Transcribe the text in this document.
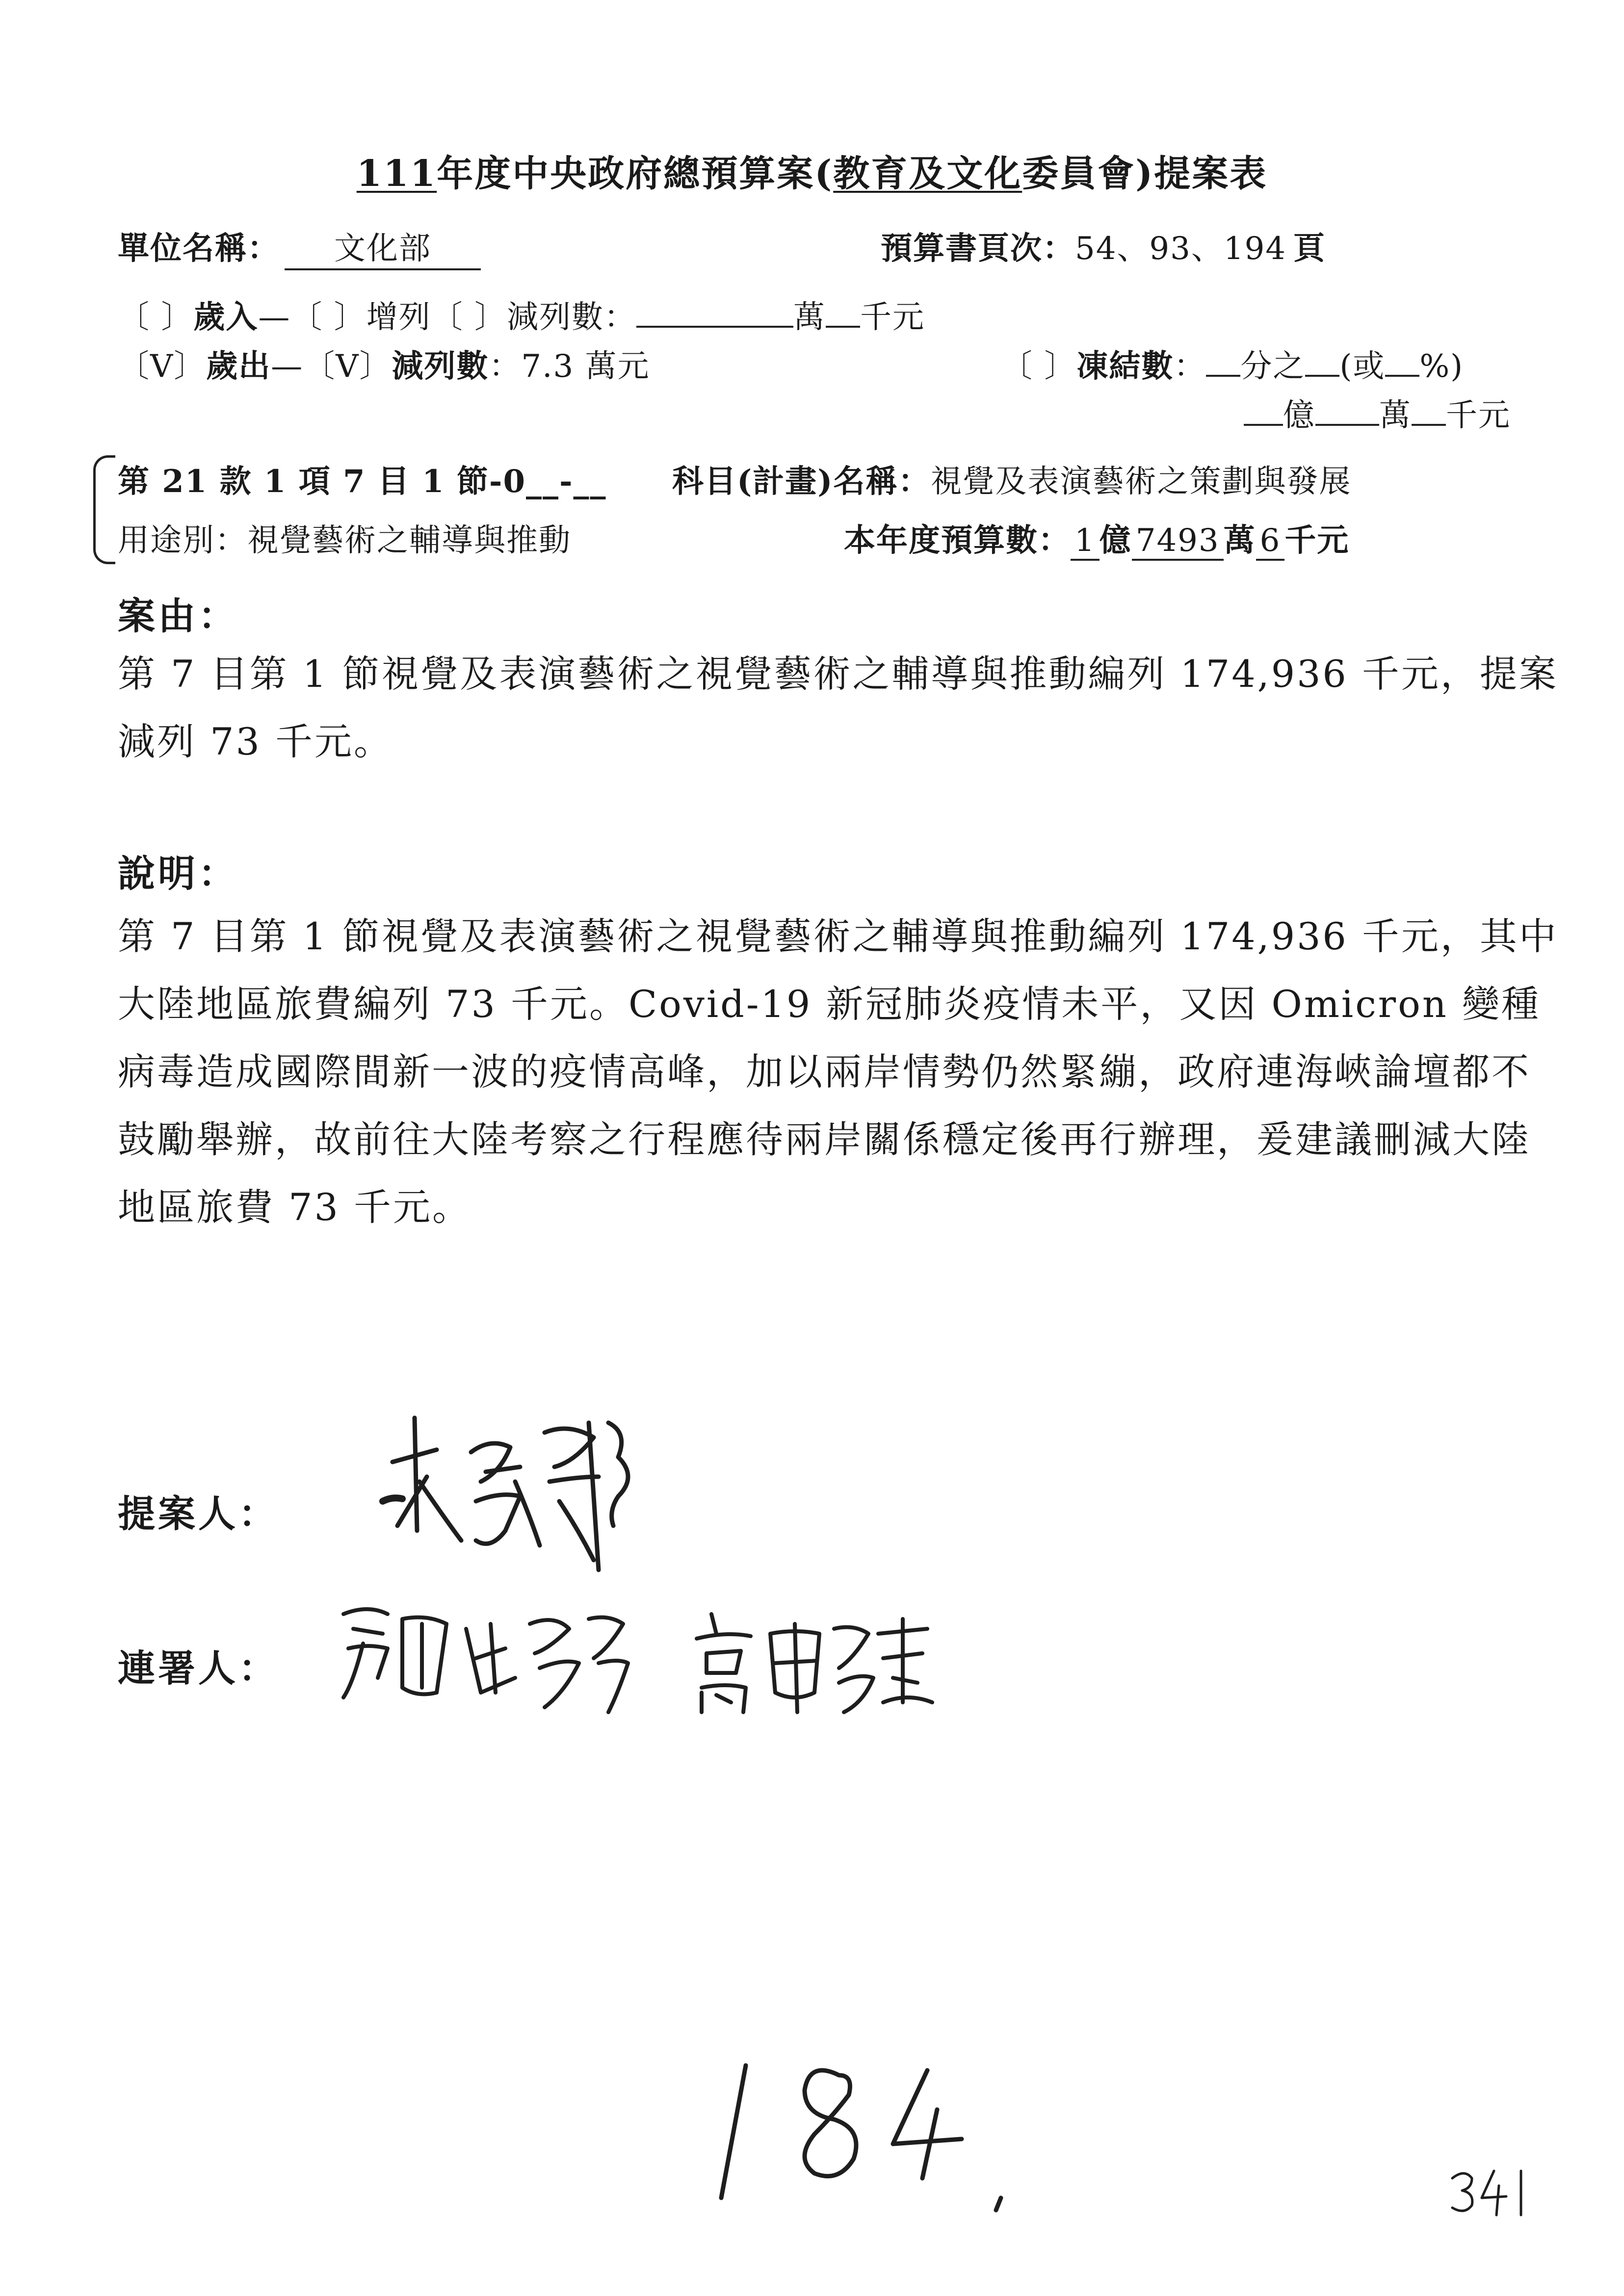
111年度中央政府總預算案(教育及文化委員會)提案表
單位名稱： 文化部	預算書頁次：54、93、194 頁
〔 〕歲入—〔 〕增列〔 〕減列數：	萬 千元
〔V〕歲出—〔V〕減列數：7.3 萬元	〔 〕凍結數： 分之 (或 %)
億 萬 千元
第 21 款 1 項 7 目 1 節-0__-__ 科目(計畫)名稱：視覺及表演藝術之策劃與發展
用途別：視覺藝術之輔導與推動	本年度預算數： 1 億 7493 萬 6 千元
案由：
第 7 目第 1 節視覺及表演藝術之視覺藝術之輔導與推動編列 174,936 千元，提案減列 73 千元。
說明：
第 7 目第 1 節視覺及表演藝術之視覺藝術之輔導與推動編列 174,936 千元，其中大陸地區旅費編列 73 千元。Covid-19 新冠肺炎疫情未平，又因 Omicron 變種病毒造成國際間新一波的疫情高峰，加以兩岸情勢仍然緊繃，政府連海峽論壇都不鼓勵舉辦，故前往大陸考察之行程應待兩岸關係穩定後再行辦理，爰建議刪減大陸地區旅費 73 千元。
提案人：
連署人：
